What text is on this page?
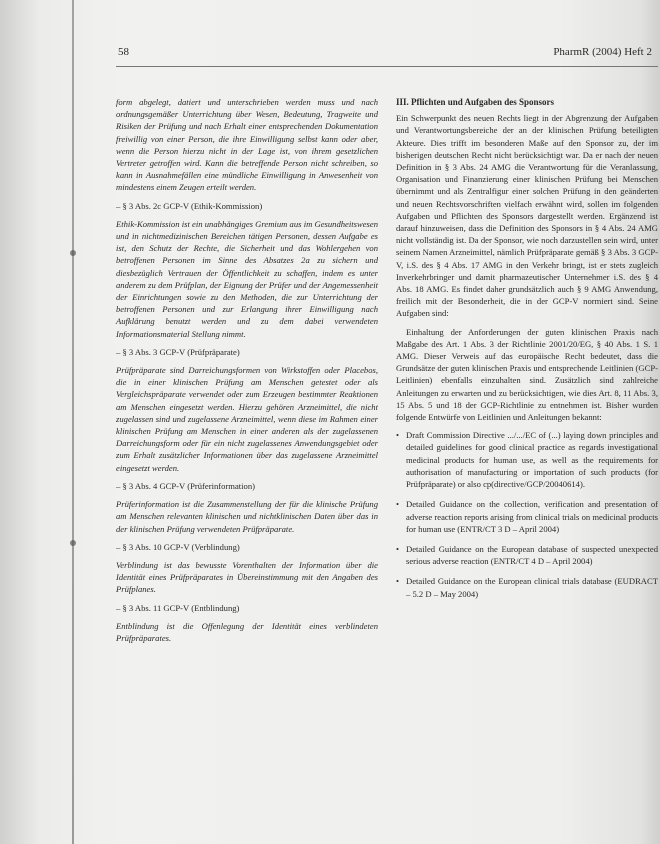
58	PharmR (2004) Heft 2

form abgelegt, datiert und unterschrieben werden muss und nach ordnungsgemäßer Unterrichtung über Wesen, Bedeutung, Tragweite und Risiken der Prüfung und nach Erhalt einer entsprechenden Dokumentation freiwillig von einer Person, die ihre Einwilligung selbst kann oder aber, wenn die Person hierzu nicht in der Lage ist, von ihrem gesetzlichen Vertreter getroffen wird. Kann die betreffende Person nicht schreiben, so kann in Ausnahmefällen eine mündliche Einwilligung in Anwesenheit von mindestens einem Zeugen erteilt werden.

– § 3 Abs. 2c GCP-V (Ethik-Kommission)

Ethik-Kommission ist ein unabhängiges Gremium aus im Gesundheitswesen und in nichtmedizinischen Bereichen tätigen Personen, dessen Aufgabe es ist, den Schutz der Rechte, die Sicherheit und das Wohlergehen von betroffenen Personen im Sinne des Absatzes 2a zu sichern und diesbezüglich Vertrauen der Öffentlichkeit zu schaffen, indem es unter anderem zu dem Prüfplan, der Eignung der Prüfer und der Angemessenheit der Einrichtungen sowie zu den Methoden, die zur Unterrichtung der betroffenen Personen und zur Erlangung ihrer Einwilligung nach Aufklärung benutzt werden und zu dem dabei verwendeten Informationsmaterial Stellung nimmt.

– § 3 Abs. 3 GCP-V (Prüfpräparate)

Prüfpräparate sind Darreichungsformen von Wirkstoffen oder Placebos, die in einer klinischen Prüfung am Menschen getestet oder als Vergleichspräparate verwendet oder zum Erzeugen bestimmter Reaktionen am Menschen eingesetzt werden. Hierzu gehören Arzneimittel, die nicht zugelassen sind und zugelassene Arzneimittel, wenn diese im Rahmen einer klinischen Prüfung am Menschen in einer anderen als der zugelassenen Darreichungsform oder für ein nicht zugelassenes Anwendungsgebiet oder zum Erhalt zusätzlicher Informationen über das zugelassene Arzneimittel eingesetzt werden.

– § 3 Abs. 4 GCP-V (Prüferinformation)

Prüferinformation ist die Zusammenstellung der für die klinische Prüfung am Menschen relevanten klinischen und nichtklinischen Daten über das in der klinischen Prüfung verwendeten Prüfpräparate.

– § 3 Abs. 10 GCP-V (Verblindung)

Verblindung ist das bewusste Vorenthalten der Information über die Identität eines Prüfpräparates in Übereinstimmung mit den Angaben des Prüfplanes.

– § 3 Abs. 11 GCP-V (Entblindung)

Entblindung ist die Offenlegung der Identität eines verblindeten Prüfpräparates.

III. Pflichten und Aufgaben des Sponsors

Ein Schwerpunkt des neuen Rechts liegt in der Abgrenzung der Aufgaben und Verantwortungsbereiche der an der klinischen Prüfung beteiligten Akteure. Dies trifft im besonderen Maße auf den Sponsor zu, der im bisherigen deutschen Recht nicht berücksichtigt war. Da er nach der neuen Definition in § 3 Abs. 24 AMG die Verantwortung für die Veranlassung, Organisation und Finanzierung einer klinischen Prüfung bei Menschen übernimmt und als Zentralfigur einer solchen Prüfung in den geänderten und neuen Rechtsvorschriften vielfach erwähnt wird, sollen im folgenden Aufgaben und Pflichten des Sponsors dargestellt werden. Ergänzend ist darauf hinzuweisen, dass die Definition des Sponsors in § 4 Abs. 24 AMG nicht vollständig ist. Da der Sponsor, wie noch darzustellen sein wird, unter seinem Namen Arzneimittel, nämlich Prüfpräparate gemäß § 3 Abs. 3 GCP-V, i.S. des § 4 Abs. 17 AMG in den Verkehr bringt, ist er stets zugleich Inverkehrbringer und damit pharmazeutischer Unternehmer i.S. des § 4 Abs. 18 AMG. Es findet daher grundsätzlich auch § 9 AMG Anwendung, freilich mit der Besonderheit, die in der GCP-V normiert sind. Seine Aufgaben sind:

Einhaltung der Anforderungen der guten klinischen Praxis nach Maßgabe des Art. 1 Abs. 3 der Richtlinie 2001/20/EG, § 40 Abs. 1 S. 1 AMG. Dieser Verweis auf das europäische Recht bedeutet, dass die Grundsätze der guten klinischen Praxis und entsprechende Leitlinien (GCP-Leitlinien) ebenfalls einzuhalten sind. Zusätzlich sind zahlreiche Anleitungen zu erwarten und zu berücksichtigen, wie dies Art. 8, 11 Abs. 3, 15 Abs. 5 und 18 der GCP-Richtlinie zu entnehmen ist. Bisher wurden folgende Entwürfe von Leitlinien und Anleitungen bekannt:

• Draft Commission Directive .../.../EC of (...) laying down principles and detailed guidelines for good clinical practice as regards investigational medicinal products for human use, as well as the requirements for authorisation of manufacturing or importation of such products (for Prüfpräparate) or also cp(directive/GCP/20040614).
• Detailed Guidance on the collection, verification and presentation of adverse reaction reports arising from clinical trials on medicinal products for human use (ENTR/CT 3 D – April 2004)
• Detailed Guidance on the European database of suspected unexpected serious adverse reaction (ENTR/CT 4 D – April 2004)
• Detailed Guidance on the European clinical trials database (EUDRACT – 5.2 D – May 2004)
